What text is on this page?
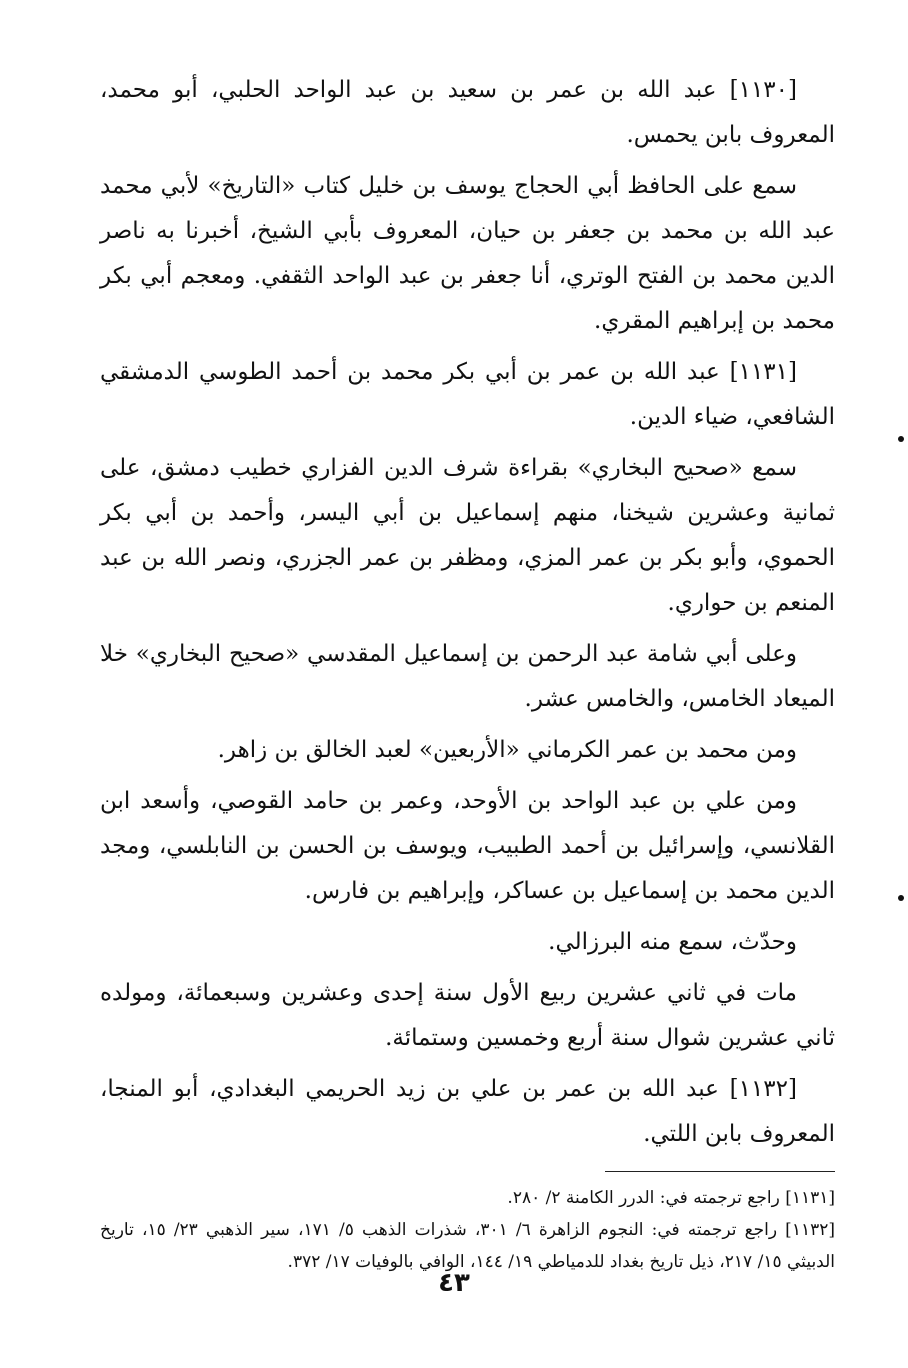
[١١٣٠] عبد الله بن عمر بن سعيد بن عبد الواحد الحلبي، أبو محمد، المعروف بابن يحمس.

سمع على الحافظ أبي الحجاج يوسف بن خليل كتاب «التاريخ» لأبي محمد عبد الله بن محمد بن جعفر بن حيان، المعروف بأبي الشيخ، أخبرنا به ناصر الدين محمد بن الفتح الوتري، أنا جعفر بن عبد الواحد الثقفي. ومعجم أبي بكر محمد بن إبراهيم المقري.

[١١٣١] عبد الله بن عمر بن أبي بكر محمد بن أحمد الطوسي الدمشقي الشافعي، ضياء الدين.

سمع «صحيح البخاري» بقراءة شرف الدين الفزاري خطيب دمشق، على ثمانية وعشرين شيخنا، منهم إسماعيل بن أبي اليسر، وأحمد بن أبي بكر الحموي، وأبو بكر بن عمر المزي، ومظفر بن عمر الجزري، ونصر الله بن عبد المنعم بن حواري.

وعلى أبي شامة عبد الرحمن بن إسماعيل المقدسي «صحيح البخاري» خلا الميعاد الخامس، والخامس عشر.

ومن محمد بن عمر الكرماني «الأربعين» لعبد الخالق بن زاهر.

ومن علي بن عبد الواحد بن الأوحد، وعمر بن حامد القوصي، وأسعد ابن القلانسي، وإسرائيل بن أحمد الطبيب، ويوسف بن الحسن بن النابلسي، ومجد الدين محمد بن إسماعيل بن عساكر، وإبراهيم بن فارس.

وحدّث، سمع منه البرزالي.

مات في ثاني عشرين ربيع الأول سنة إحدى وعشرين وسبعمائة، ومولده ثاني عشرين شوال سنة أربع وخمسين وستمائة.

[١١٣٢] عبد الله بن عمر بن علي بن زيد الحريمي البغدادي، أبو المنجا، المعروف بابن اللتي.

[١١٣١] راجع ترجمته في: الدرر الكامنة ٢/ ٢٨٠.

[١١٣٢] راجع ترجمته في: النجوم الزاهرة ٦/ ٣٠١، شذرات الذهب ٥/ ١٧١، سير الذهبي ٢٣/ ١٥، تاريخ الدبيثي ١٥/ ٢١٧، ذيل تاريخ بغداد للدمياطي ١٩/ ١٤٤، الوافي بالوفيات ١٧/ ٣٧٢.

٤٣
